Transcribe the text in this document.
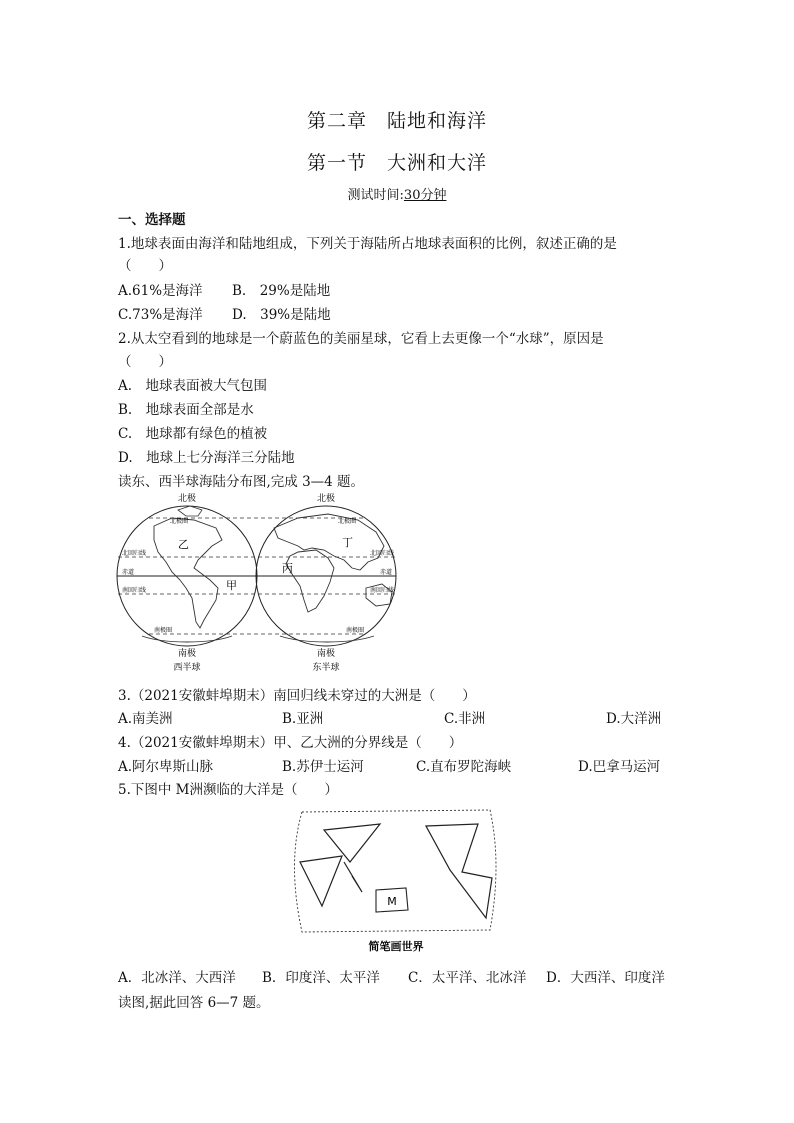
第二章　陆地和海洋
第一节　大洲和大洋
测试时间:30分钟
一、选择题
1.地球表面由海洋和陆地组成，下列关于海陆所占地球表面积的比例，叙述正确的是
（　　）
A.61%是海洋 B.　29%是陆地
C.73%是海洋 D.　39%是陆地
2.从太空看到的地球是一个蔚蓝色的美丽星球，它看上去更像一个“水球”，原因是
（　　）
A.　地球表面被大气包围
B.　地球表面全部是水
C.　地球都有绿色的植被
D.　地球上七分海洋三分陆地
读东、西半球海陆分布图,完成 3—4 题。
北极	北极
南极	南极
西半球	东半球
北极圈	北极圈
北回归线	北回归线
赤道	赤道
南回归线	南回归线
南极圈	南极圈
乙
甲
丙
丁
3.（2021安徽蚌埠期末）南回归线未穿过的大洲是（　　）
A.南美洲	B.亚洲	C.非洲	D.大洋洲
4.（2021安徽蚌埠期末）甲、乙大洲的分界线是（　　）
A.阿尔卑斯山脉	B.苏伊士运河	C.直布罗陀海峡	D.巴拿马运河
5.下图中 M洲濒临的大洋是（　　）
M
简笔画世界
A．北冰洋、大西洋 B．印度洋、太平洋 C．太平洋、北冰洋 D．大西洋、印度洋
读图,据此回答 6—7 题。
